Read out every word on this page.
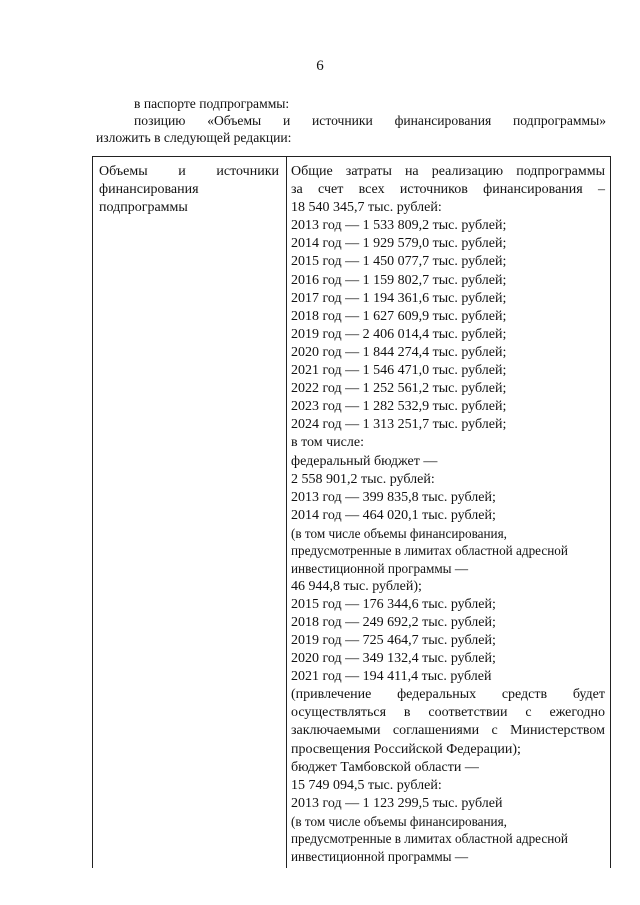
6
в паспорте подпрограммы:
позицию «Объемы и источники финансирования подпрограммы»
изложить в следующей редакции:
Объемы и источники
финансирования
подпрограммы
Общие затраты на реализацию подпрограммы
за счет всех источников финансирования –
18 540 345,7 тыс. рублей:
2013 год — 1 533 809,2 тыс. рублей;
2014 год — 1 929 579,0 тыс. рублей;
2015 год — 1 450 077,7 тыс. рублей;
2016 год — 1 159 802,7 тыс. рублей;
2017 год — 1 194 361,6 тыс. рублей;
2018 год — 1 627 609,9 тыс. рублей;
2019 год — 2 406 014,4 тыс. рублей;
2020 год — 1 844 274,4 тыс. рублей;
2021 год — 1 546 471,0 тыс. рублей;
2022 год — 1 252 561,2 тыс. рублей;
2023 год — 1 282 532,9 тыс. рублей;
2024 год — 1 313 251,7 тыс. рублей;
в том числе:
федеральный бюджет —
2 558 901,2 тыс. рублей:
2013 год — 399 835,8 тыс. рублей;
2014 год — 464 020,1 тыс. рублей;
(в том числе объемы финансирования,
предусмотренные в лимитах областной адресной
инвестиционной программы —
46 944,8 тыс. рублей);
2015 год — 176 344,6 тыс. рублей;
2018 год — 249 692,2 тыс. рублей;
2019 год — 725 464,7 тыс. рублей;
2020 год — 349 132,4 тыс. рублей;
2021 год — 194 411,4 тыс. рублей
(привлечение федеральных средств будет
осуществляться в соответствии с ежегодно
заключаемыми соглашениями с Министерством
просвещения Российской Федерации);
бюджет Тамбовской области —
15 749 094,5 тыс. рублей:
2013 год — 1 123 299,5 тыс. рублей
(в том числе объемы финансирования,
предусмотренные в лимитах областной адресной
инвестиционной программы —
